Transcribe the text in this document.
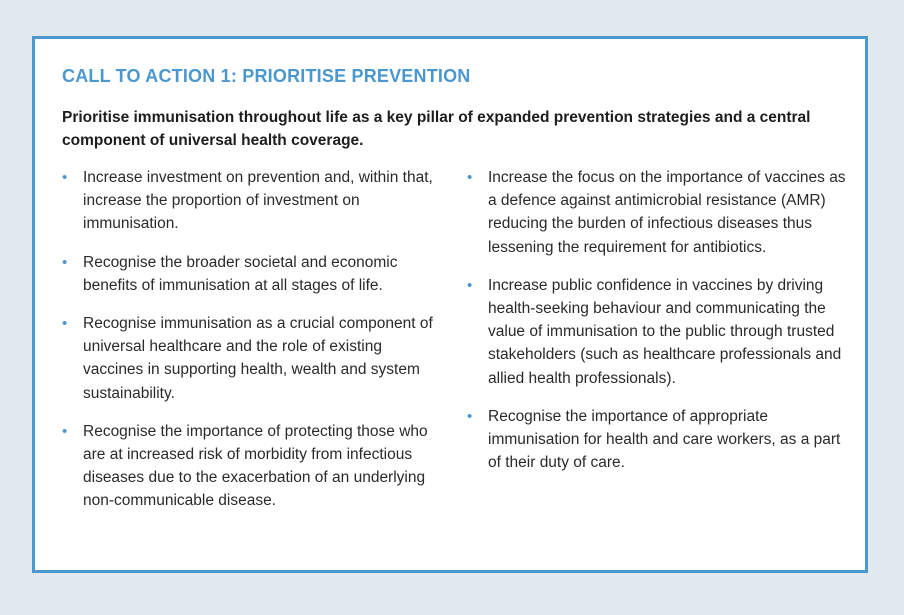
CALL TO ACTION 1: PRIORITISE PREVENTION

Prioritise immunisation throughout life as a key pillar of expanded prevention strategies and a central component of universal health coverage.

• Increase investment on prevention and, within that, increase the proportion of investment on immunisation.
• Recognise the broader societal and economic benefits of immunisation at all stages of life.
• Recognise immunisation as a crucial component of universal healthcare and the role of existing vaccines in supporting health, wealth and system sustainability.
• Recognise the importance of protecting those who are at increased risk of morbidity from infectious diseases due to the exacerbation of an underlying non-communicable disease.
• Increase the focus on the importance of vaccines as a defence against antimicrobial resistance (AMR) reducing the burden of infectious diseases thus lessening the requirement for antibiotics.
• Increase public confidence in vaccines by driving health-seeking behaviour and communicating the value of immunisation to the public through trusted stakeholders (such as healthcare professionals and allied health professionals).
• Recognise the importance of appropriate immunisation for health and care workers, as a part of their duty of care.
